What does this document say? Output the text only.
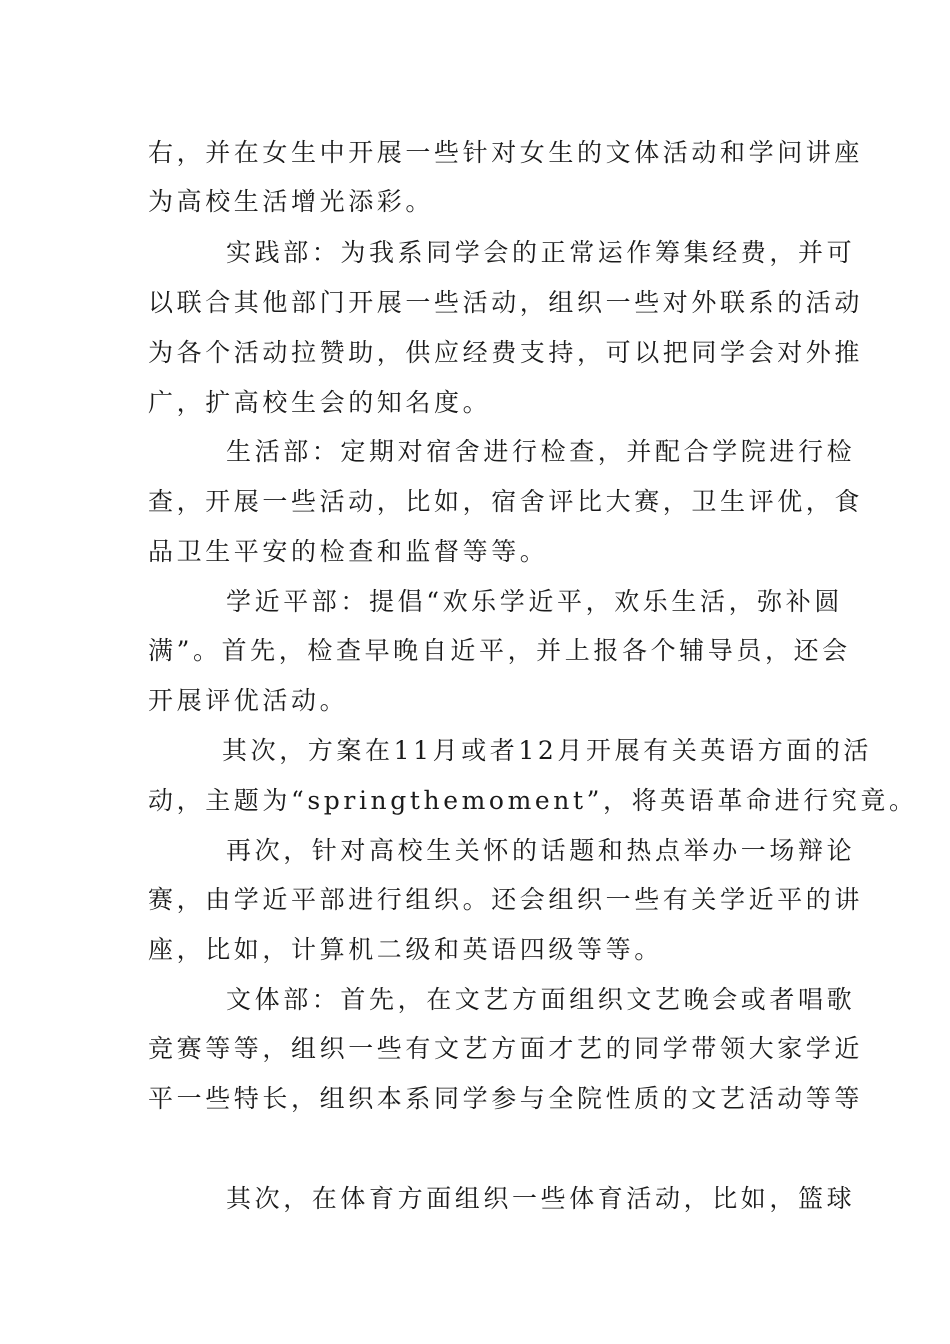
右，并在女生中开展一些针对女生的文体活动和学问讲座
为高校生活增光添彩。
实践部：为我系同学会的正常运作筹集经费，并可
以联合其他部门开展一些活动，组织一些对外联系的活动
为各个活动拉赞助，供应经费支持，可以把同学会对外推
广，扩高校生会的知名度。
生活部：定期对宿舍进行检查，并配合学院进行检
查，开展一些活动，比如，宿舍评比大赛，卫生评优，食
品卫生平安的检查和监督等等。
学近平部：提倡“欢乐学近平，欢乐生活，弥补圆
满”。首先，检查早晚自近平，并上报各个辅导员，还会
开展评优活动。
其次，方案在11月或者12月开展有关英语方面的活
动，主题为“springthemoment”，将英语革命进行究竟。
再次，针对高校生关怀的话题和热点举办一场辩论
赛，由学近平部进行组织。还会组织一些有关学近平的讲
座，比如，计算机二级和英语四级等等。
文体部：首先，在文艺方面组织文艺晚会或者唱歌
竞赛等等，组织一些有文艺方面才艺的同学带领大家学近
平一些特长，组织本系同学参与全院性质的文艺活动等等
其次，在体育方面组织一些体育活动，比如，篮球
